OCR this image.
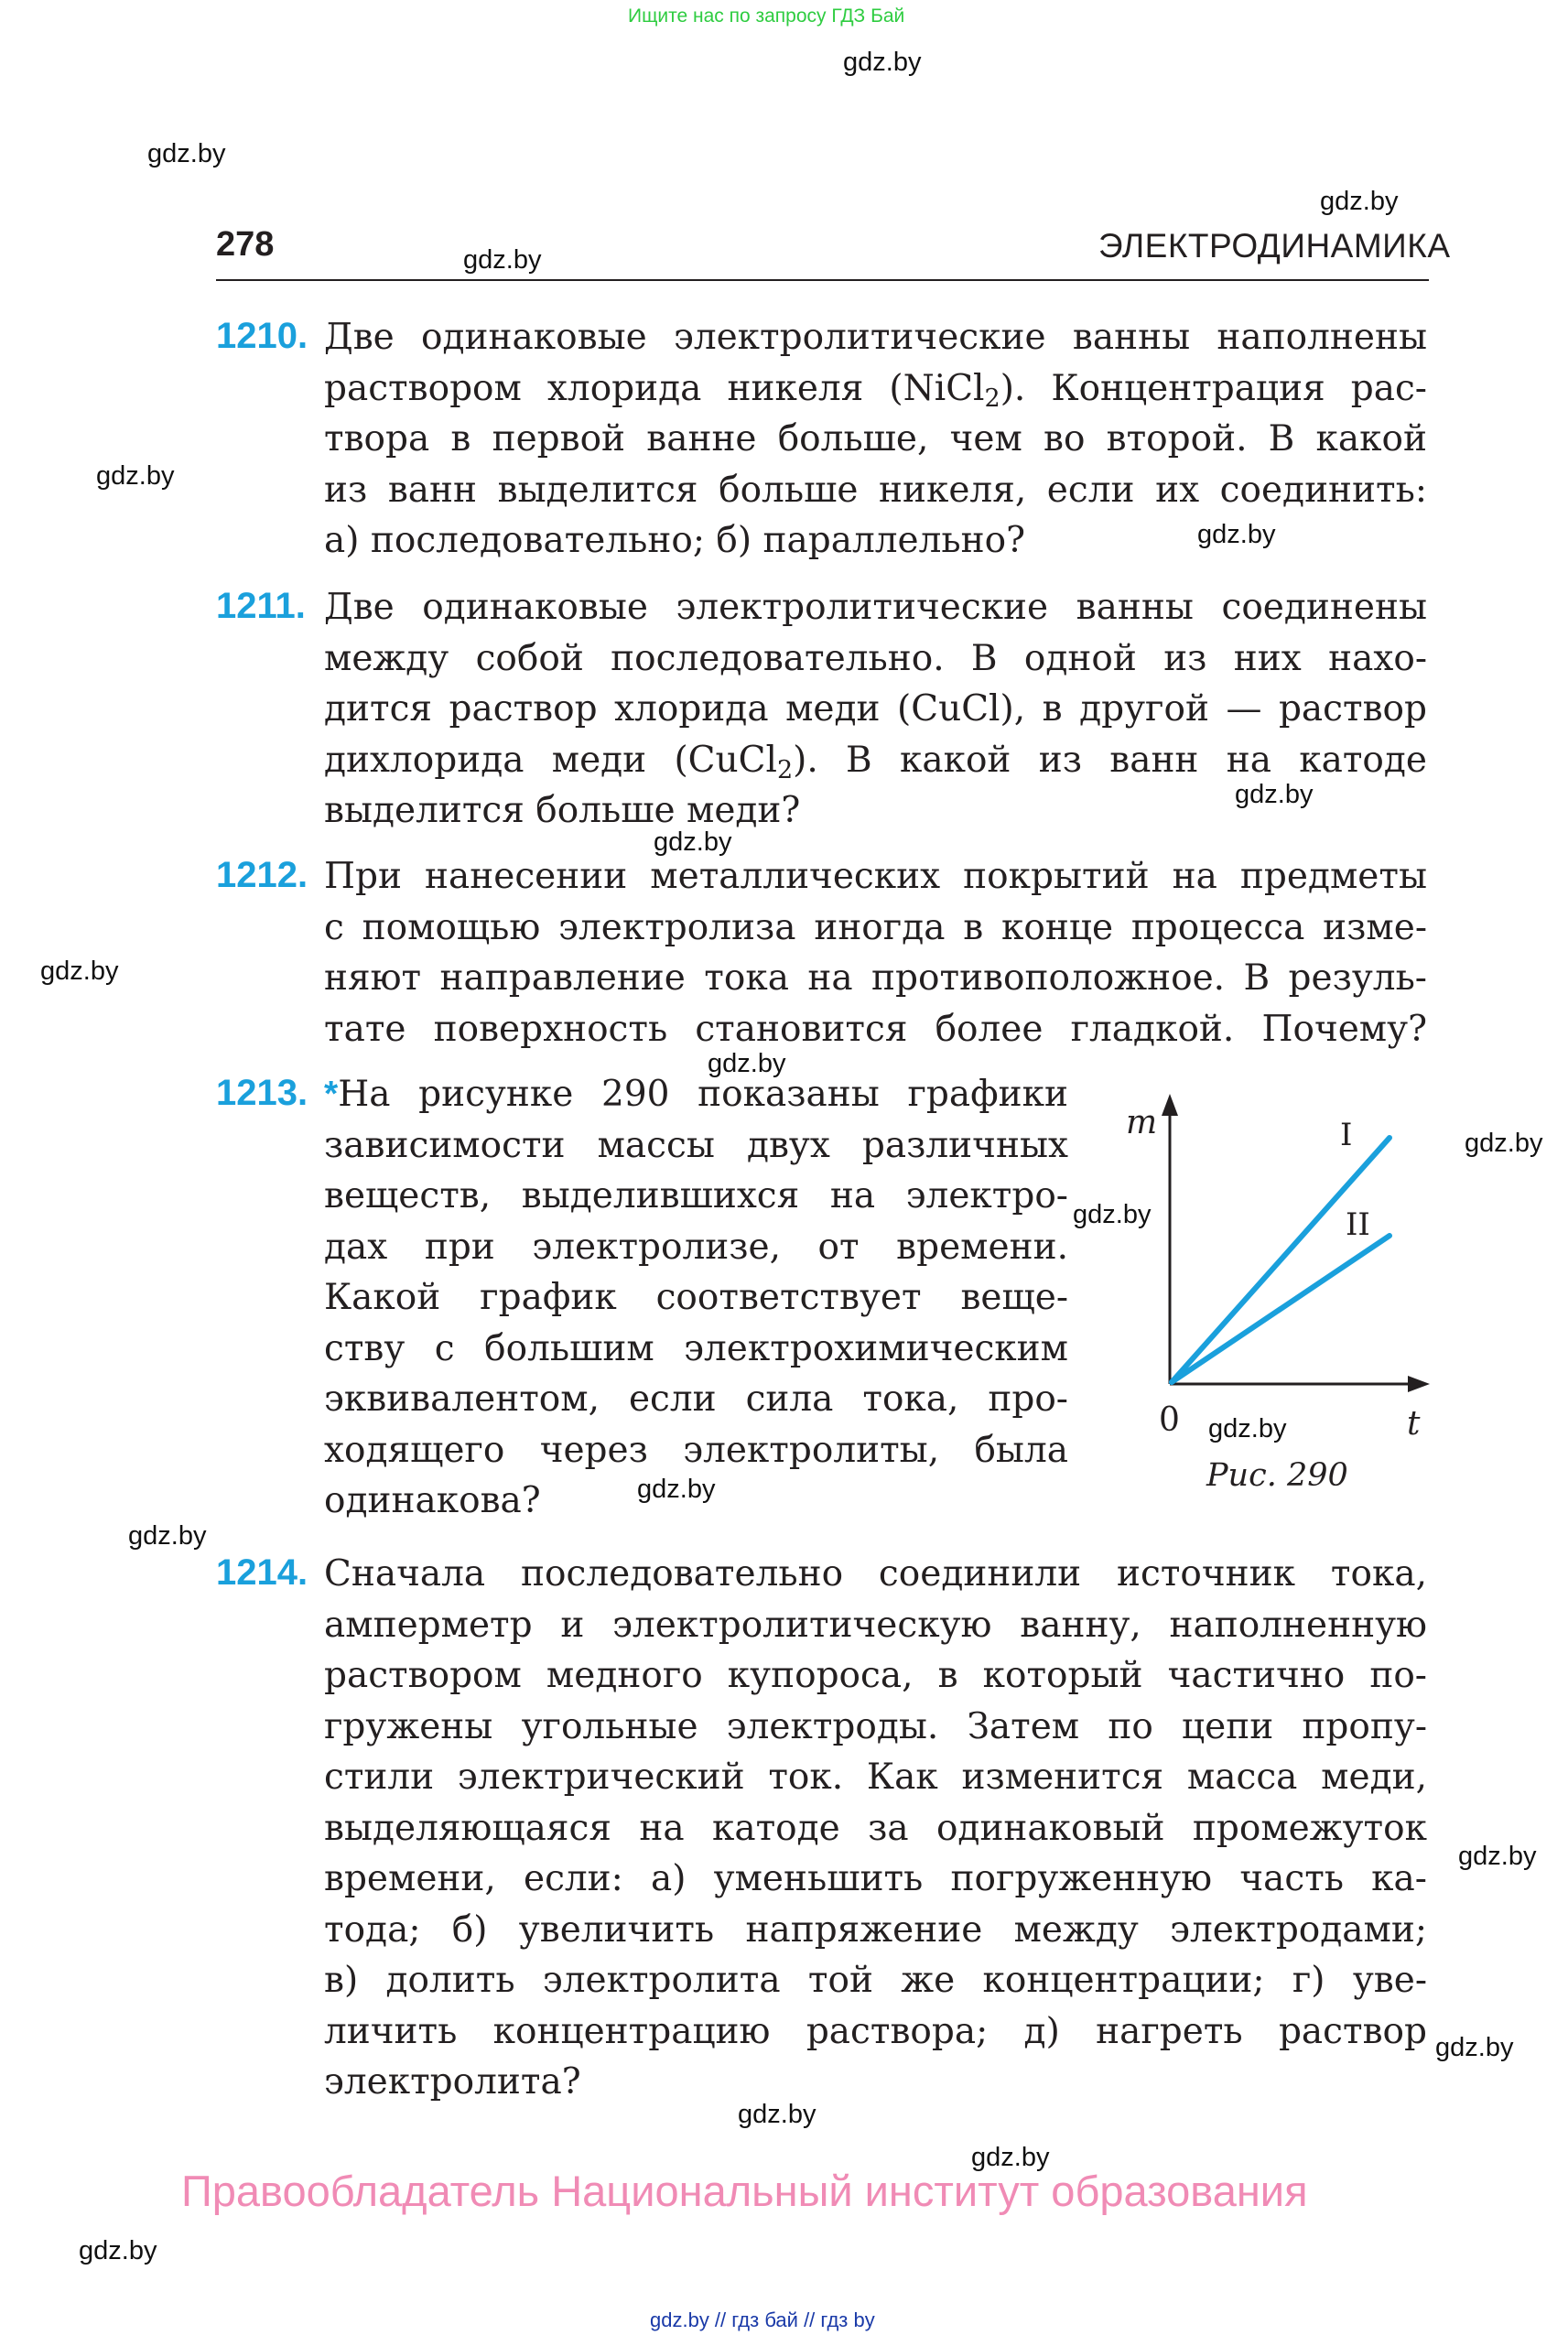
Ищите нас по запросу ГДЗ Бай
gdz.by
gdz.by
gdz.by
gdz.by
gdz.by
gdz.by
gdz.by
gdz.by
gdz.by
gdz.by
gdz.by
gdz.by
gdz.by
gdz.by
gdz.by
gdz.by
gdz.by
gdz.by
gdz.by
gdz.by
278	ЭЛЕКТРОДИНАМИКА
1210. Две одинаковые электролитические ванны наполнены
раствором хлорида никеля (NiCl$_2$). Концентрация рас-
твора в первой ванне больше, чем во второй. В какой
из ванн выделится больше никеля, если их соединить:
а) последовательно; б) параллельно?
1211. Две одинаковые электролитические ванны соединены
между собой последовательно. В одной из них нахо-
дится раствор хлорида меди (CuCl), в другой — раствор
дихлорида меди (CuCl$_2$). В какой из ванн на катоде
выделится больше меди?
1212. При нанесении металлических покрытий на предметы
с помощью электролиза иногда в конце процесса изме-
няют направление тока на противоположное. В резуль-
тате поверхность становится более гладкой. Почему?
1213. *На рисунке 290 показаны графики
зависимости массы двух различных
веществ, выделившихся на электро-
дах при электролизе, от времени.
Какой график соответствует веще-
ству с большим электрохимическим
эквивалентом, если сила тока, про-
ходящего через электролиты, была
одинакова?
m
t
0
I
II
Рис. 290
1214. Сначала последовательно соединили источник тока,
амперметр и электролитическую ванну, наполненную
раствором медного купороса, в который частично по-
гружены угольные электроды. Затем по цепи пропу-
стили электрический ток. Как изменится масса меди,
выделяющаяся на катоде за одинаковый промежуток
времени, если: а) уменьшить погруженную часть ка-
тода; б) увеличить напряжение между электродами;
в) долить электролита той же концентрации; г) уве-
личить концентрацию раствора; д) нагреть раствор
электролита?
Правообладатель Национальный институт образования
gdz.by // гдз бай // гдз by
